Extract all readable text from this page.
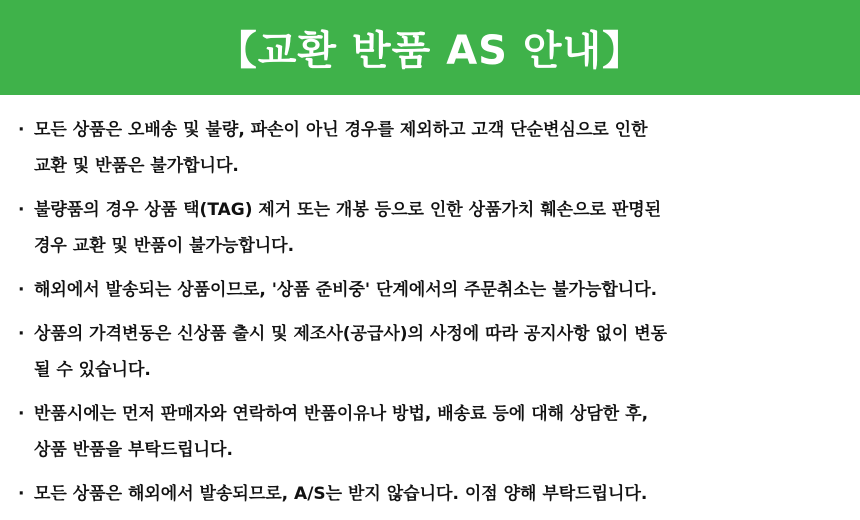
【교환 반품 AS 안내】
· 모든 상품은 오배송 및 불량, 파손이 아닌 경우를 제외하고 고객 단순변심으로 인한
교환 및 반품은 불가합니다.
· 불량품의 경우 상품 택(TAG) 제거 또는 개봉 등으로 인한 상품가치 훼손으로 판명된
경우 교환 및 반품이 불가능합니다.
· 해외에서 발송되는 상품이므로, '상품 준비중' 단계에서의 주문취소는 불가능합니다.
· 상품의 가격변동은 신상품 출시 및 제조사(공급사)의 사정에 따라 공지사항 없이 변동
될 수 있습니다.
· 반품시에는 먼저 판매자와 연락하여 반품이유나 방법, 배송료 등에 대해 상담한 후,
상품 반품을 부탁드립니다.
· 모든 상품은 해외에서 발송되므로, A/S는 받지 않습니다. 이점 양해 부탁드립니다.
